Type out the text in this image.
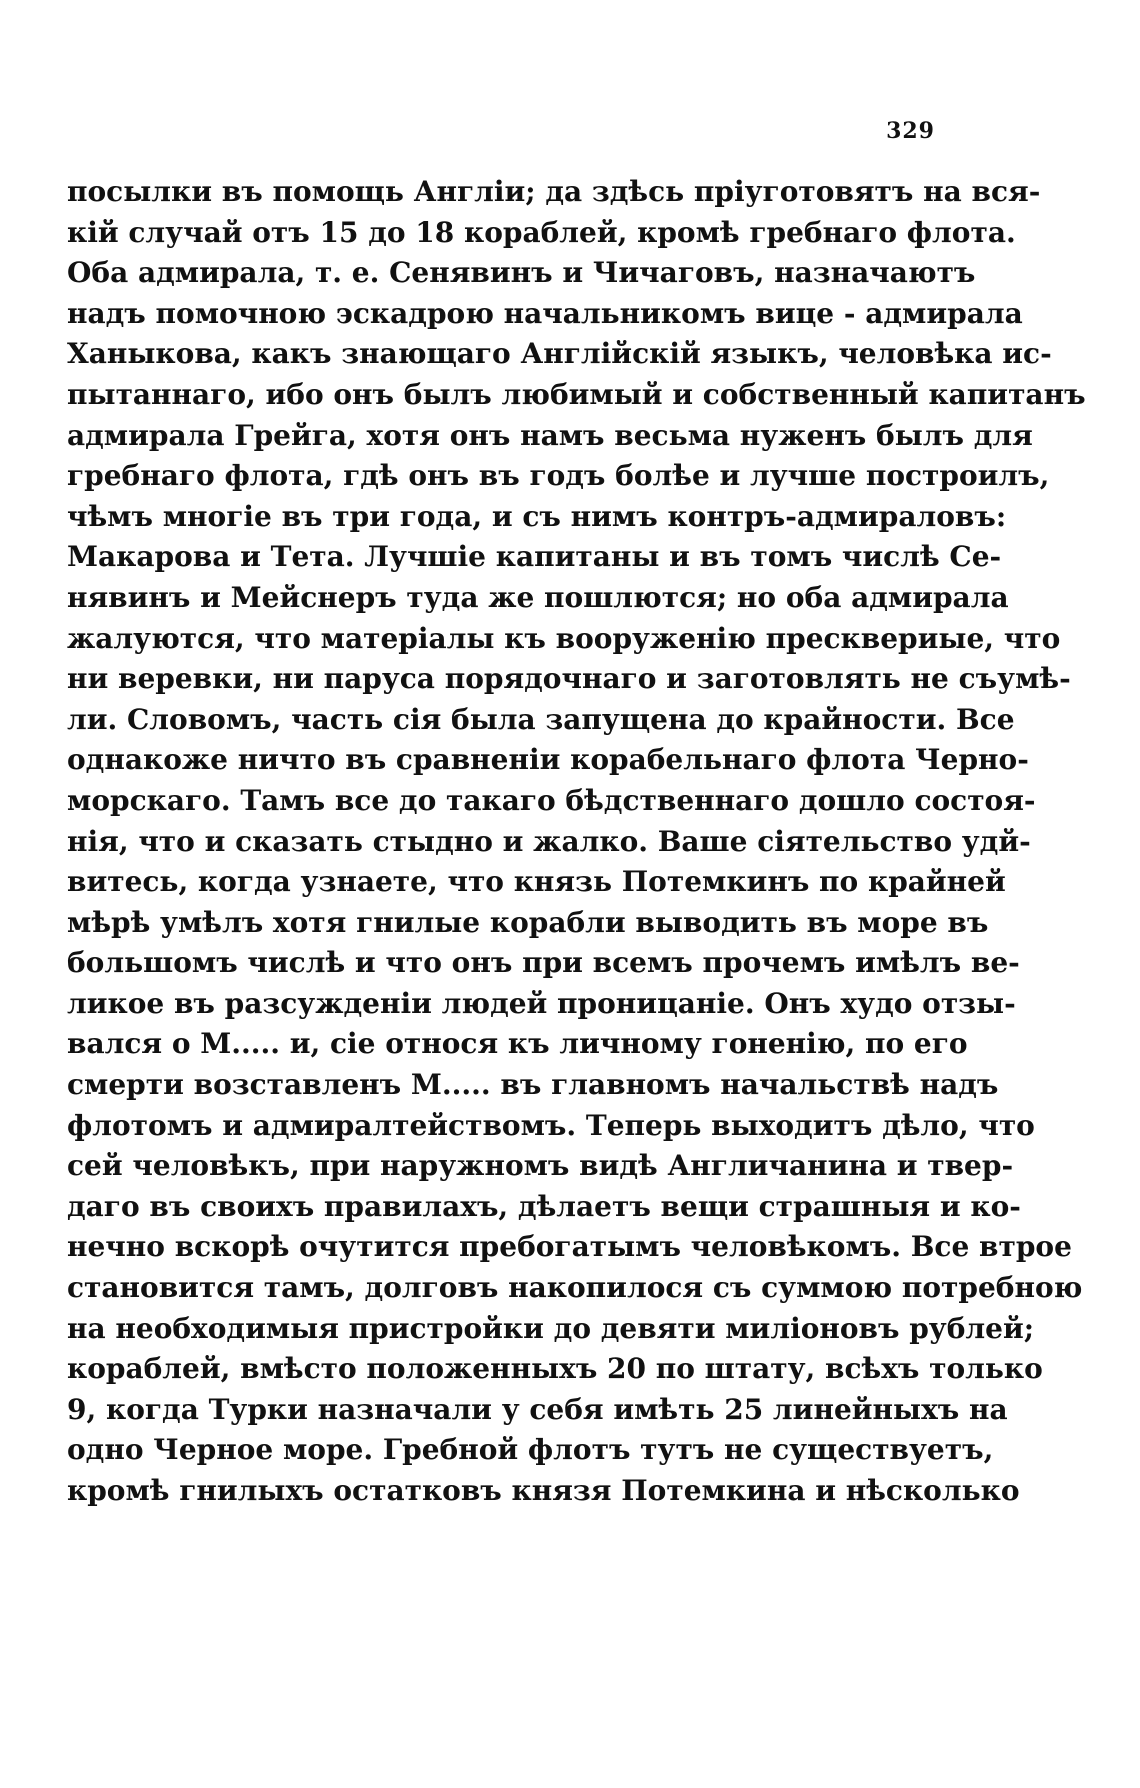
329
посылки въ помощь Англіи; да здѣсь пріуготовятъ на вся-
кій случай отъ 15 до 18 кораблей, кромѣ гребнаго флота.
Оба адмирала, т. е. Сенявинъ и Чичаговъ, назначаютъ
надъ помочною эскадрою начальникомъ вице - адмирала
Ханыкова, какъ знающаго Англійскій языкъ, человѣка ис-
пытаннаго, ибо онъ былъ любимый и собственный капитанъ
адмирала Грейга, хотя онъ намъ весьма нуженъ былъ для
гребнаго флота, гдѣ онъ въ годъ болѣе и лучше построилъ,
чѣмъ многіе въ три года, и съ нимъ контръ-адмираловъ:
Макарова и Тета. Лучшіе капитаны и въ томъ числѣ Се-
нявинъ и Мейснеръ туда же пошлются; но оба адмирала
жалуются, что матеріалы къ вооруженію пресквериые, что
ни веревки, ни паруса порядочнаго и заготовлять не съумѣ-
ли. Словомъ, часть сія была запущена до крайности. Все
однакоже ничто въ сравненіи корабельнаго флота Черно-
морскаго. Тамъ все до такаго бѣдственнаго дошло состоя-
нія, что и сказать стыдно и жалко. Ваше сіятельство удй-
витесь, когда узнаете, что князь Потемкинъ по крайней
мѣрѣ умѣлъ хотя гнилые корабли выводить въ море въ
большомъ числѣ и что онъ при всемъ прочемъ имѣлъ ве-
ликое въ разсужденіи людей проницаніе. Онъ худо отзы-
вался о М..... и, сіе относя къ личному гоненію, по его
смерти возставленъ М..... въ главномъ начальствѣ надъ
флотомъ и адмиралтействомъ. Теперь выходитъ дѣло, что
сей человѣкъ, при наружномъ видѣ Англичанина и твер-
даго въ своихъ правилахъ, дѣлаетъ вещи страшныя и ко-
нечно вскорѣ очутится пребогатымъ человѣкомъ. Все втрое
становится тамъ, долговъ накопилося съ суммою потребною
на необходимыя пристройки до девяти миліоновъ рублей;
кораблей, вмѣсто положенныхъ 20 по штату, всѣхъ только
9, когда Турки назначали у себя имѣть 25 линейныхъ на
одно Черное море. Гребной флотъ тутъ не существуетъ,
кромѣ гнилыхъ остатковъ князя Потемкина и нѣсколько
